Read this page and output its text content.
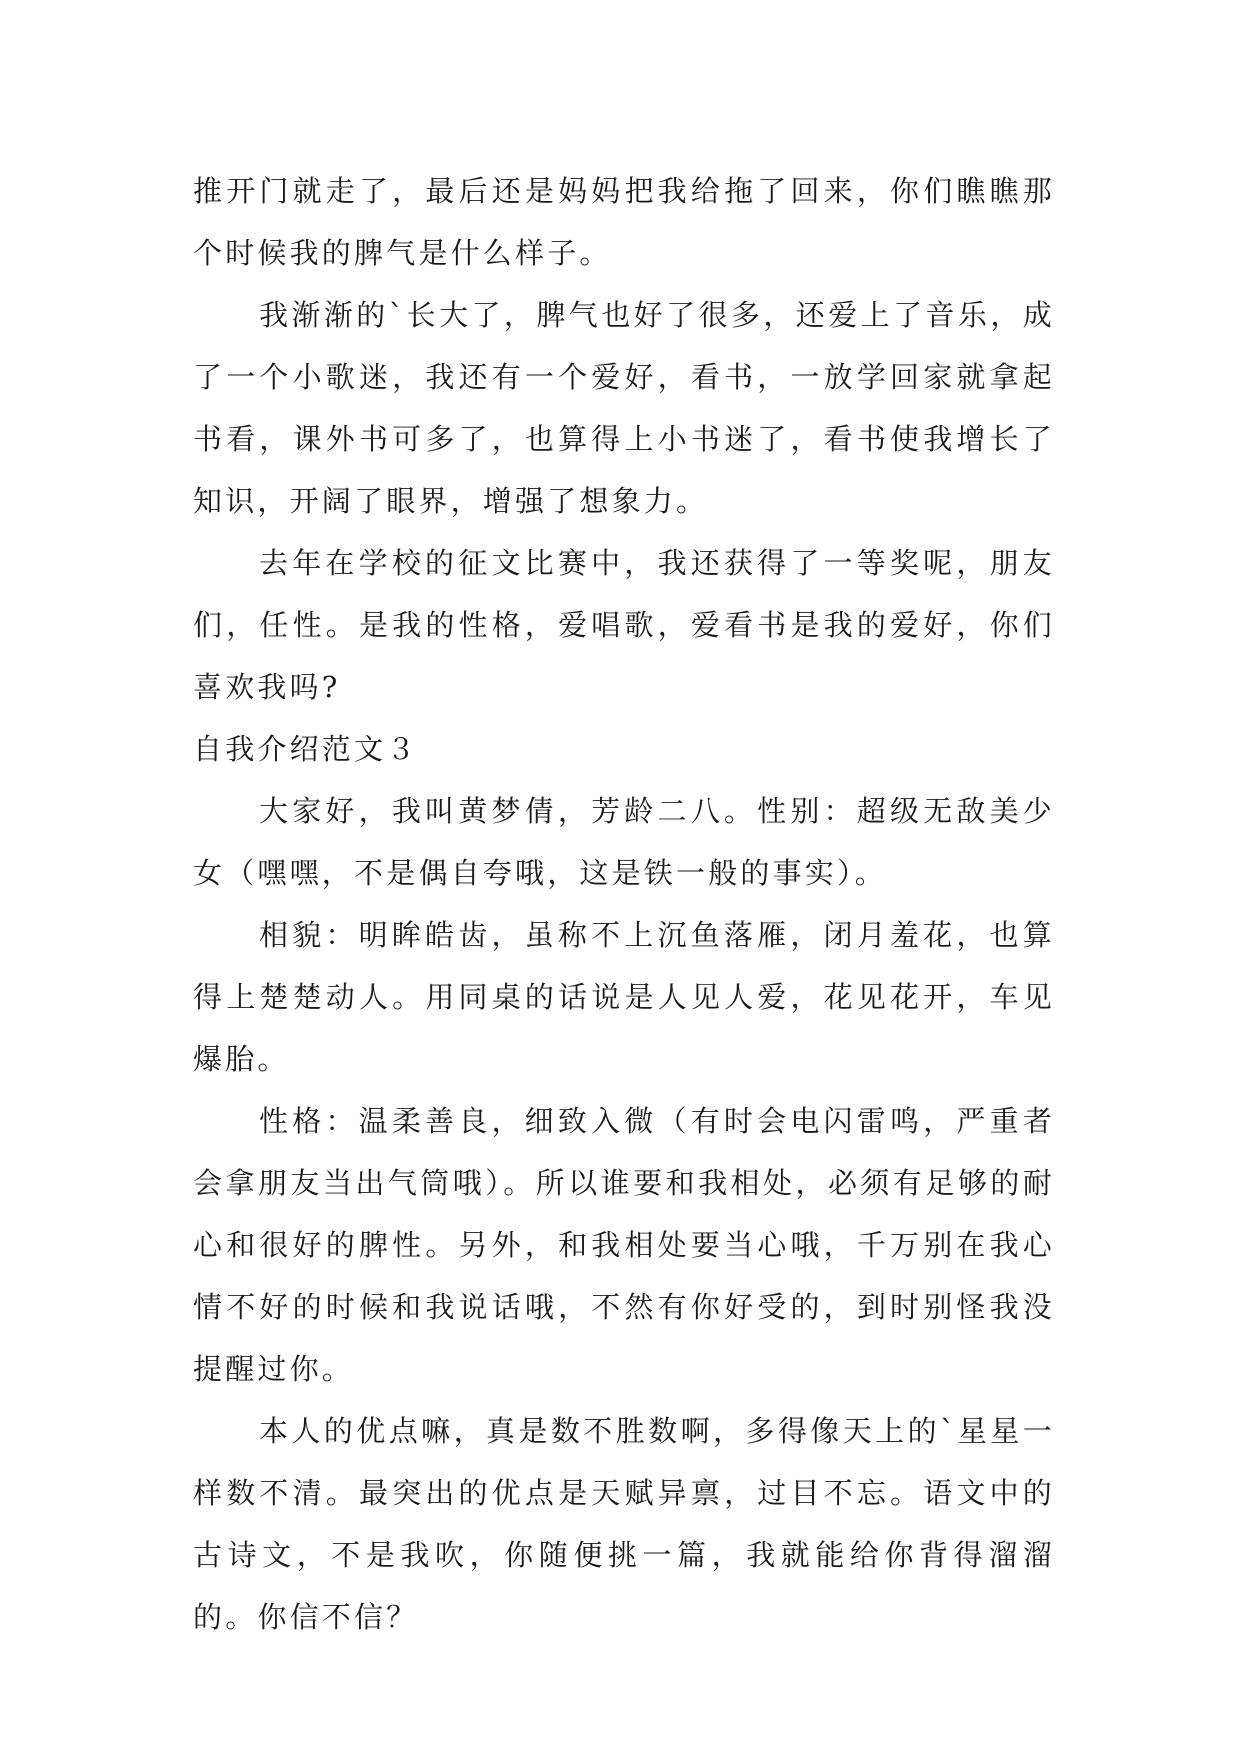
推开门就走了，最后还是妈妈把我给拖了回来，你们瞧瞧那个时候我的脾气是什么样子。

我渐渐的`长大了，脾气也好了很多，还爱上了音乐，成了一个小歌迷，我还有一个爱好，看书，一放学回家就拿起书看，课外书可多了，也算得上小书迷了，看书使我增长了知识，开阔了眼界，增强了想象力。

去年在学校的征文比赛中，我还获得了一等奖呢，朋友们，任性。是我的性格，爱唱歌，爱看书是我的爱好，你们喜欢我吗?

自我介绍范文３

大家好，我叫黄梦倩，芳龄二八。性别：超级无敌美少女（嘿嘿，不是偶自夸哦，这是铁一般的事实）。

相貌：明眸皓齿，虽称不上沉鱼落雁，闭月羞花，也算得上楚楚动人。用同桌的话说是人见人爱，花见花开，车见爆胎。

性格：温柔善良，细致入微（有时会电闪雷鸣，严重者会拿朋友当出气筒哦）。所以谁要和我相处，必须有足够的耐心和很好的脾性。另外，和我相处要当心哦，千万别在我心情不好的时候和我说话哦，不然有你好受的，到时别怪我没提醒过你。

本人的优点嘛，真是数不胜数啊，多得像天上的`星星一样数不清。最突出的优点是天赋异禀，过目不忘。语文中的古诗文，不是我吹，你随便挑一篇，我就能给你背得溜溜的。你信不信？
